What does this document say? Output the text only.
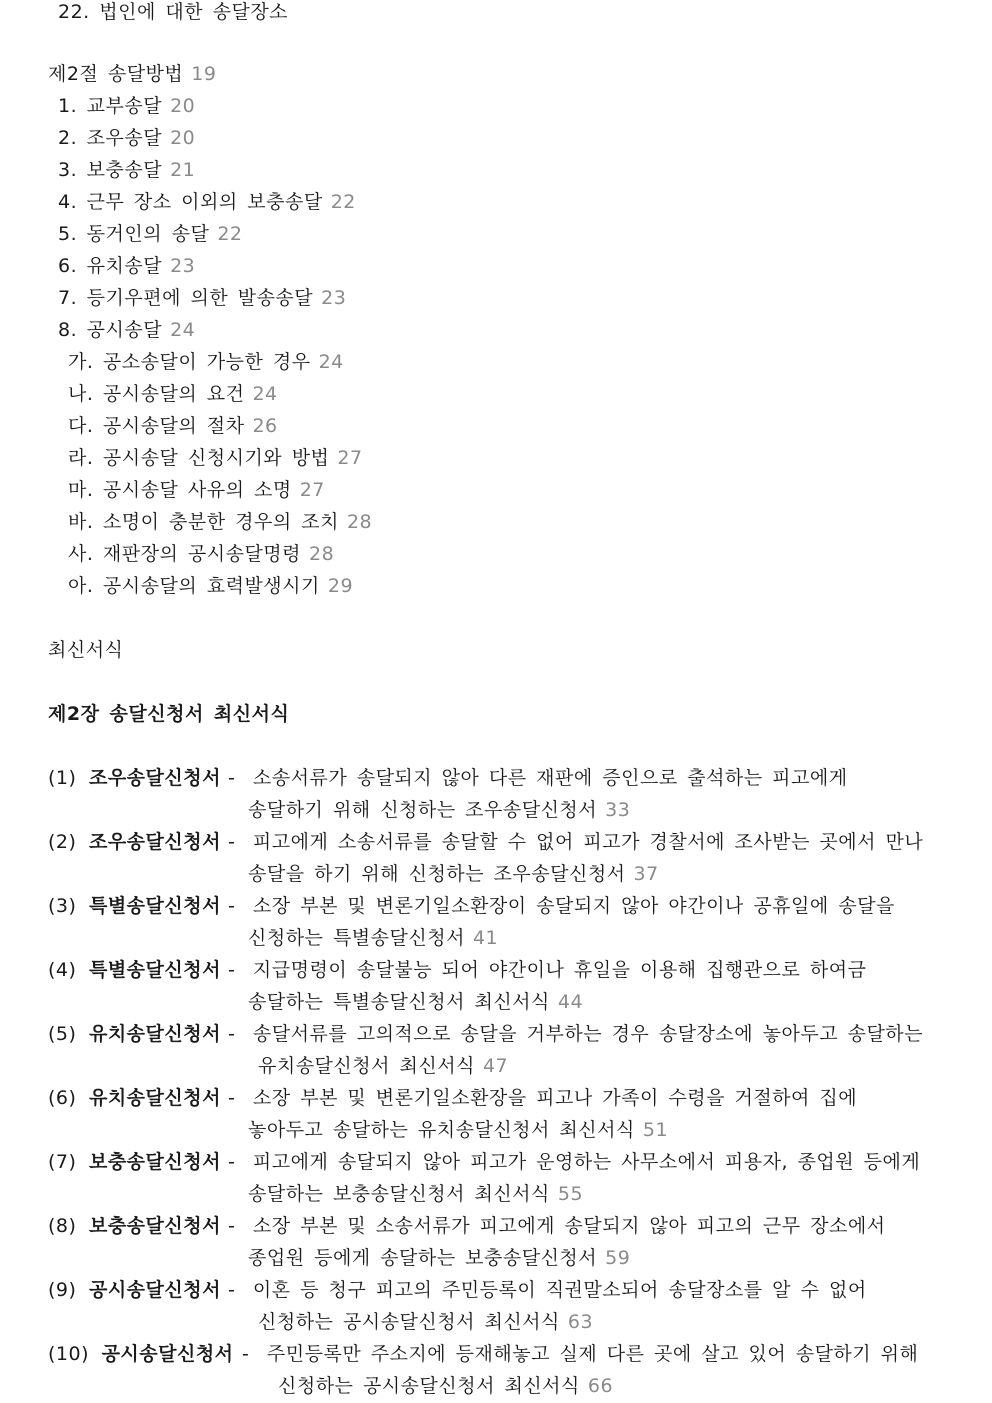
22. 법인에 대한 송달장소
제2절 송달방법 19
1. 교부송달 20
2. 조우송달 20
3. 보충송달 21
4. 근무 장소 이외의 보충송달 22
5. 동거인의 송달 22
6. 유치송달 23
7. 등기우편에 의한 발송송달 23
8. 공시송달 24
가. 공소송달이 가능한 경우 24
나. 공시송달의 요건 24
다. 공시송달의 절차 26
라. 공시송달 신청시기와 방법 27
마. 공시송달 사유의 소명 27
바. 소명이 충분한 경우의 조치 28
사. 재판장의 공시송달명령 28
아. 공시송달의 효력발생시기 29
최신서식
제2장 송달신청서 최신서식
(1) 조우송달신청서 - 소송서류가 송달되지 않아 다른 재판에 증인으로 출석하는 피고에게
송달하기 위해 신청하는 조우송달신청서 33
(2) 조우송달신청서 - 피고에게 소송서류를 송달할 수 없어 피고가 경찰서에 조사받는 곳에서 만나
송달을 하기 위해 신청하는 조우송달신청서 37
(3) 특별송달신청서 - 소장 부본 및 변론기일소환장이 송달되지 않아 야간이나 공휴일에 송달을
신청하는 특별송달신청서 41
(4) 특별송달신청서 - 지급명령이 송달불능 되어 야간이나 휴일을 이용해 집행관으로 하여금
송달하는 특별송달신청서 최신서식 44
(5) 유치송달신청서 - 송달서류를 고의적으로 송달을 거부하는 경우 송달장소에 놓아두고 송달하는
유치송달신청서 최신서식 47
(6) 유치송달신청서 - 소장 부본 및 변론기일소환장을 피고나 가족이 수령을 거절하여 집에
놓아두고 송달하는 유치송달신청서 최신서식 51
(7) 보충송달신청서 - 피고에게 송달되지 않아 피고가 운영하는 사무소에서 피용자, 종업원 등에게
송달하는 보충송달신청서 최신서식 55
(8) 보충송달신청서 - 소장 부본 및 소송서류가 피고에게 송달되지 않아 피고의 근무 장소에서
종업원 등에게 송달하는 보충송달신청서 59
(9) 공시송달신청서 - 이혼 등 청구 피고의 주민등록이 직권말소되어 송달장소를 알 수 없어
신청하는 공시송달신청서 최신서식 63
(10) 공시송달신청서 - 주민등록만 주소지에 등재해놓고 실제 다른 곳에 살고 있어 송달하기 위해
신청하는 공시송달신청서 최신서식 66
